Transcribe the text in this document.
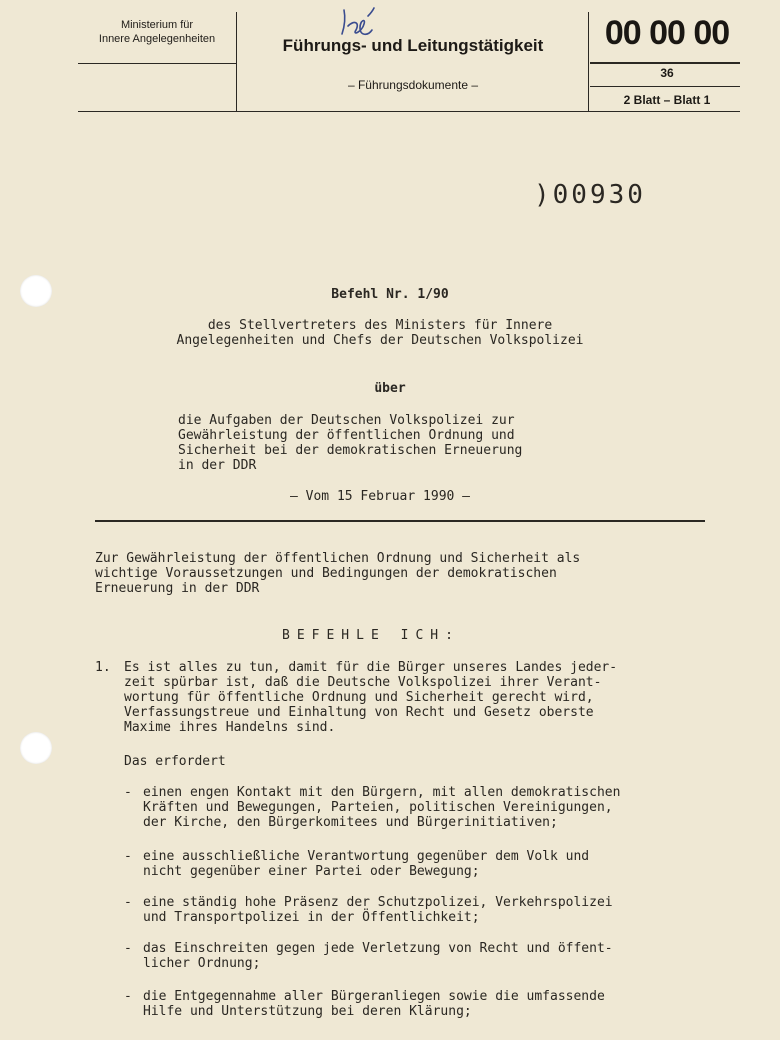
Ministerium für
Innere Angelegenheiten	Führungs- und Leitungstätigkeit
– Führungsdokumente –
00 00 00
36
2 Blatt – Blatt 1
)00930
Befehl Nr. 1/90
des Stellvertreters des Ministers für Innere
Angelegenheiten und Chefs der Deutschen Volkspolizei
über
die Aufgaben der Deutschen Volkspolizei zur
Gewährleistung der öffentlichen Ordnung und
Sicherheit bei der demokratischen Erneuerung
in der DDR
– Vom 15 Februar 1990 –
Zur Gewährleistung der öffentlichen Ordnung und Sicherheit als
wichtige Voraussetzungen und Bedingungen der demokratischen
Erneuerung in der DDR
BEFEHLE ICH:
1. Es ist alles zu tun, damit für die Bürger unseres Landes jeder-
zeit spürbar ist, daß die Deutsche Volkspolizei ihrer Verant-
wortung für öffentliche Ordnung und Sicherheit gerecht wird,
Verfassungstreue und Einhaltung von Recht und Gesetz oberste
Maxime ihres Handelns sind.
Das erfordert
- einen engen Kontakt mit den Bürgern, mit allen demokratischen
Kräften und Bewegungen, Parteien, politischen Vereinigungen,
der Kirche, den Bürgerkomitees und Bürgerinitiativen;
- eine ausschließliche Verantwortung gegenüber dem Volk und
nicht gegenüber einer Partei oder Bewegung;
- eine ständig hohe Präsenz der Schutzpolizei, Verkehrspolizei
und Transportpolizei in der Öffentlichkeit;
- das Einschreiten gegen jede Verletzung von Recht und öffent-
licher Ordnung;
- die Entgegennahme aller Bürgeranliegen sowie die umfassende
Hilfe und Unterstützung bei deren Klärung;
